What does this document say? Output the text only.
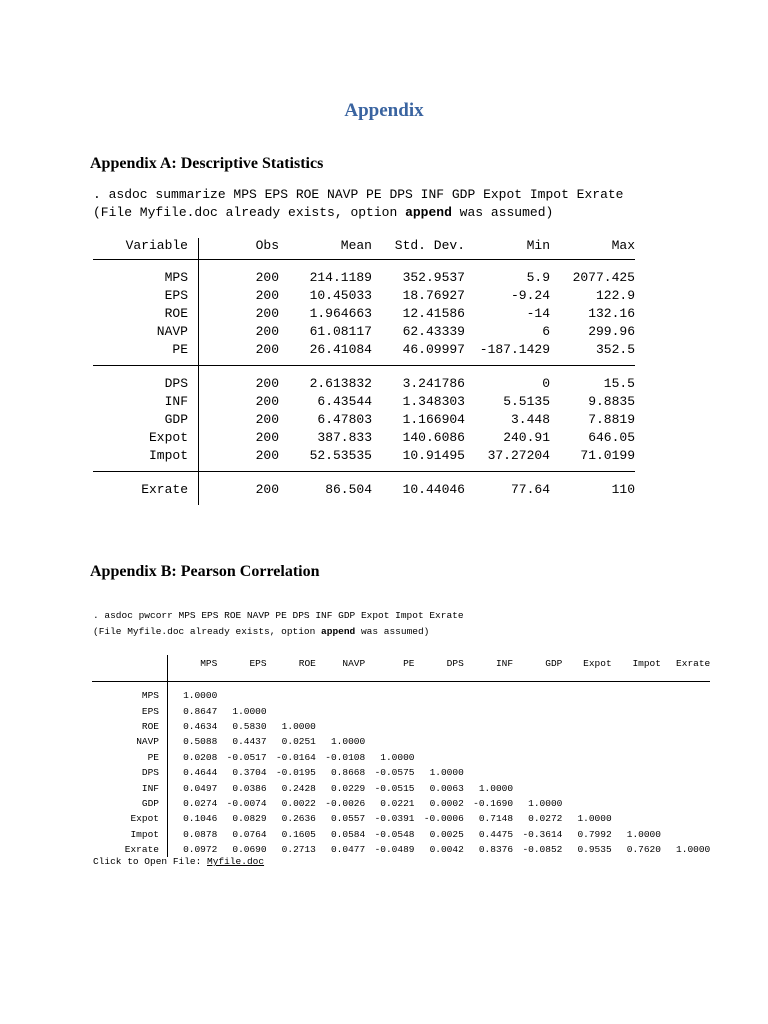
Appendix
Appendix A: Descriptive Statistics
. asdoc summarize MPS EPS ROE NAVP PE DPS INF GDP Expot Impot Exrate
(File Myfile.doc already exists, option append was assumed)
Variable	Obs	Mean	Std. Dev.	Min	Max

MPS	200	214.1189	352.9537	5.9	2077.425
EPS	200	10.45033	18.76927	-9.24	122.9
ROE	200	1.964663	12.41586	-14	132.16
NAVP	200	61.08117	62.43339	6	299.96
PE	200	26.41084	46.09997	-187.1429	352.5

DPS	200	2.613832	3.241786	0	15.5
INF	200	6.43544	1.348303	5.5135	9.8835
GDP	200	6.47803	1.166904	3.448	7.8819
Expot	200	387.833	140.6086	240.91	646.05
Impot	200	52.53535	10.91495	37.27204	71.0199

Exrate	200	86.504	10.44046	77.64	110

Appendix B: Pearson Correlation
. asdoc pwcorr MPS EPS ROE NAVP PE DPS INF GDP Expot Impot Exrate
(File Myfile.doc already exists, option append was assumed)
	MPS	EPS	ROE	NAVP	PE	DPS	INF	GDP	Expot	Impot	Exrate

MPS	1.0000										
EPS	0.8647	1.0000									
ROE	0.4634	0.5830	1.0000								
NAVP	0.5088	0.4437	0.0251	1.0000							
PE	0.0208	-0.0517	-0.0164	-0.0108	1.0000						
DPS	0.4644	0.3704	-0.0195	0.8668	-0.0575	1.0000					
INF	0.0497	0.0386	0.2428	0.0229	-0.0515	0.0063	1.0000				
GDP	0.0274	-0.0074	0.0022	-0.0026	0.0221	0.0002	-0.1690	1.0000			
Expot	0.1046	0.0829	0.2636	0.0557	-0.0391	-0.0006	0.7148	0.0272	1.0000		
Impot	0.0878	0.0764	0.1605	0.0584	-0.0548	0.0025	0.4475	-0.3614	0.7992	1.0000	
Exrate	0.0972	0.0690	0.2713	0.0477	-0.0489	0.0042	0.8376	-0.0852	0.9535	0.7620	1.0000
Click to Open File: Myfile.doc
